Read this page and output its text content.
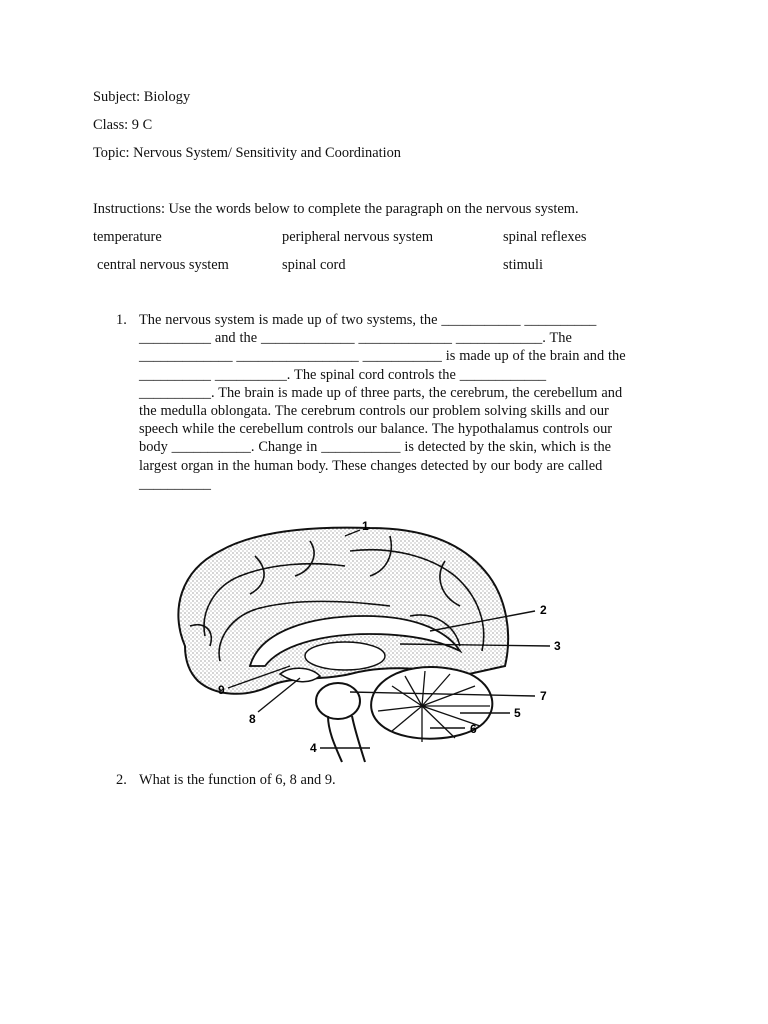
Subject: Biology
Class: 9 C
Topic: Nervous System/ Sensitivity and Coordination
Instructions: Use the words below to complete the paragraph on the nervous system.
temperature	peripheral nervous system	spinal reflexes
central nervous system	spinal cord	stimuli
1. The nervous system is made up of two systems, the ___________ __________
__________ and the _____________ _____________ ____________. The
_____________ _________________ ___________ is made up of the brain and the
__________ __________. The spinal cord controls the ____________
__________. The brain is made up of three parts, the cerebrum, the cerebellum and
the medulla oblongata. The cerebrum controls our problem solving skills and our
speech while the cerebellum controls our balance. The hypothalamus controls our
body ___________. Change in ___________ is detected by the skin, which is the
largest organ in the human body. These changes detected by our body are called
__________
1
2
3
7
5
6
4
8
9
2. What is the function of 6, 8 and 9.
